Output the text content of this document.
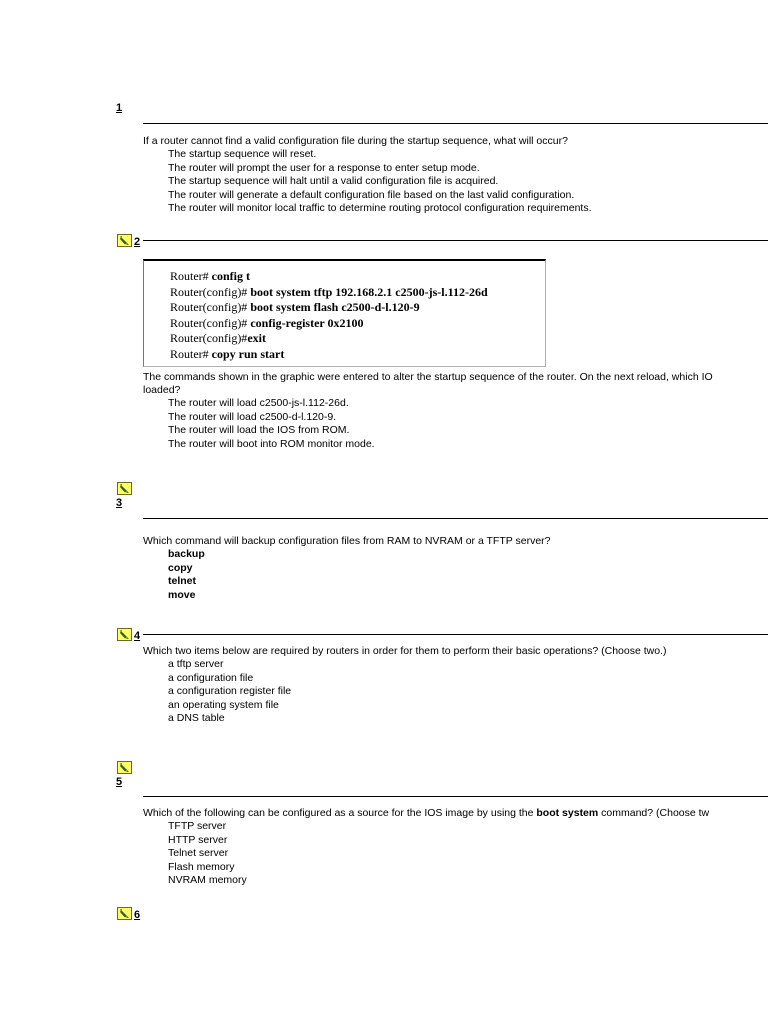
1
If a router cannot find a valid configuration file during the startup sequence, what will occur?
The startup sequence will reset.
The router will prompt the user for a response to enter setup mode.
The startup sequence will halt until a valid configuration file is acquired.
The router will generate a default configuration file based on the last valid configuration.
The router will monitor local traffic to determine routing protocol configuration requirements.
2
Router# config t
Router(config)# boot system tftp 192.168.2.1 c2500-js-l.112-26d
Router(config)# boot system flash c2500-d-l.120-9
Router(config)# config-register 0x2100
Router(config)#exit
Router# copy run start
The commands shown in the graphic were entered to alter the startup sequence of the router. On the next reload, which IO
loaded?
The router will load c2500-js-l.112-26d.
The router will load c2500-d-l.120-9.
The router will load the IOS from ROM.
The router will boot into ROM monitor mode.
3
Which command will backup configuration files from RAM to NVRAM or a TFTP server?
backup
copy
telnet
move
4
Which two items below are required by routers in order for them to perform their basic operations? (Choose two.)
a tftp server
a configuration file
a configuration register file
an operating system file
a DNS table
5
Which of the following can be configured as a source for the IOS image by using the boot system command? (Choose tw
TFTP server
HTTP server
Telnet server
Flash memory
NVRAM memory
6
